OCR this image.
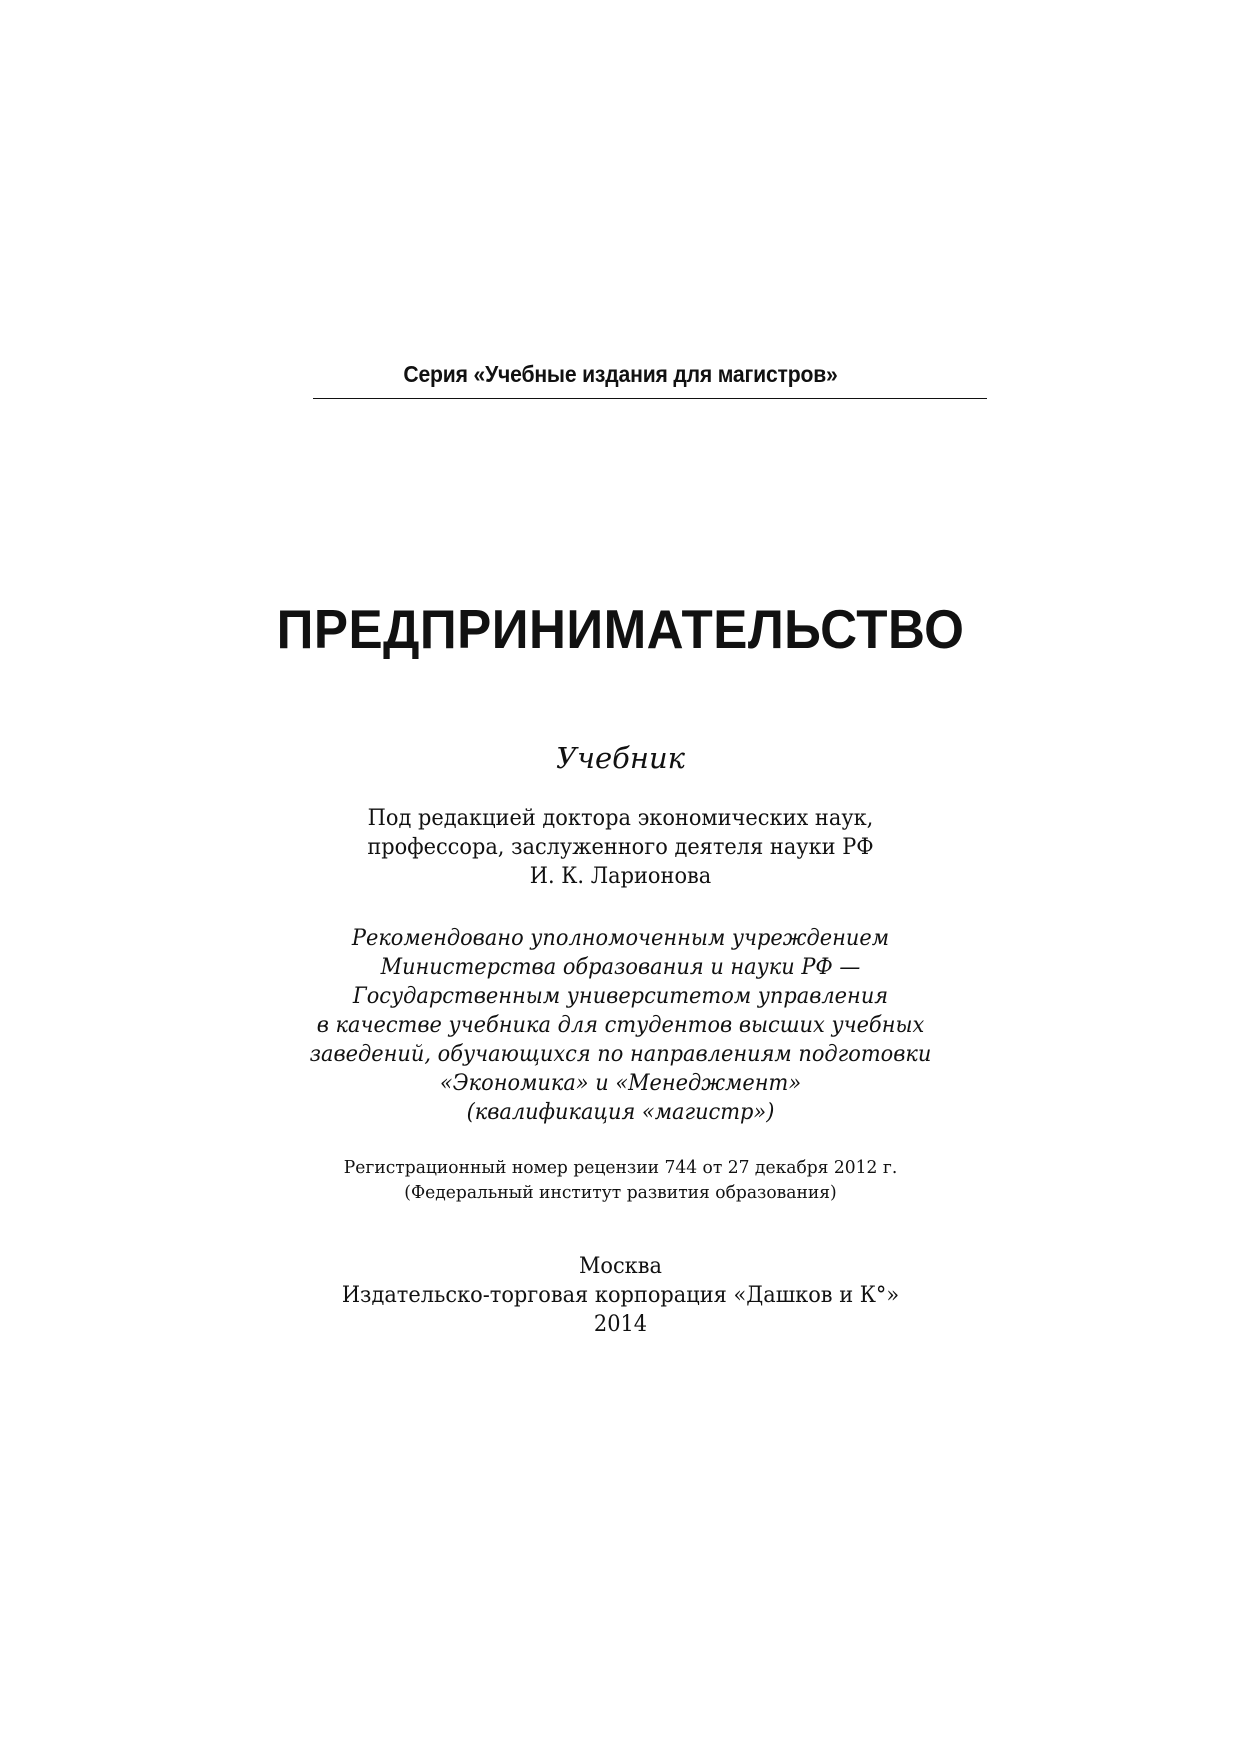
Серия «Учебные издания для магистров»
ПРЕДПРИНИМАТЕЛЬСТВО
Учебник
Под редакцией доктора экономических наук,
профессора, заслуженного деятеля науки РФ
И. К. Ларионова
Рекомендовано уполномоченным учреждением
Министерства образования и науки РФ —
Государственным университетом управления
в качестве учебника для студентов высших учебных
заведений, обучающихся по направлениям подготовки
«Экономика» и «Менеджмент»
(квалификация «магистр»)
Регистрационный номер рецензии 744 от 27 декабря 2012 г.
(Федеральный институт развития образования)
Москва
Издательско-торговая корпорация «Дашков и К°»
2014
